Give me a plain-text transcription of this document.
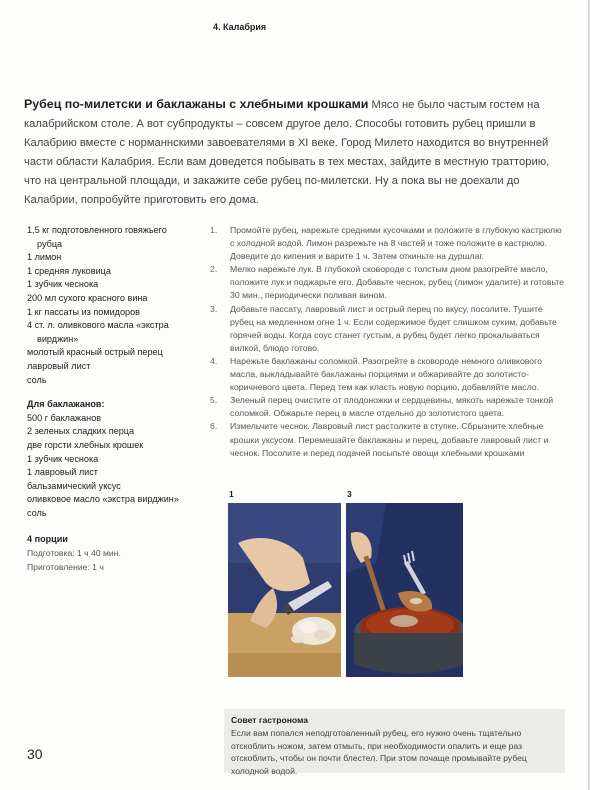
4. Калабрия
Рубец по-милетски и баклажаны с хлебными крошками Мясо не было частым гостем на калабрийском столе. А вот субпродукты – совсем другое дело. Способы готовить рубец пришли в Калабрию вместе с норманнскими завоевателями в XI веке. Город Милето находится во внутренней части области Калабрия. Если вам доведется побывать в тех местах, зайдите в местную тратторию, что на центральной площади, и закажите себе рубец по-милетски. Ну а пока вы не доехали до Калабрии, попробуйте приготовить его дома.
1,5 кг подготовленного говяжьего
рубца
1 лимон
1 средняя луковица
1 зубчик чеснока
200 мл сухого красного вина
1 кг пассаты из помидоров
4 ст. л. оливкового масла «экстра
вирджин»
молотый красный острый перец
лавровый лист
соль
Для баклажанов:
500 г баклажанов
2 зеленых сладких перца
две горсти хлебных крошек
1 зубчик чеснока
1 лавровый лист
бальзамический уксус
оливковое масло «экстра вирджин»
соль
4 порции
Подготовка: 1 ч 40 мин.
Приготовление: 1 ч
1. Промойте рубец, нарежьте средними кусочками и положите в глубокую кастрюлю с холодной водой. Лимон разрежьте на 8 частей и тоже положите в кастрюлю. Доведите до кипения и варите 1 ч. Затем откиньте на дуршлаг.
2. Мелко нарежьте лук. В глубокой сковороде с толстым дном разогрейте масло, положите лук и поджарьте его. Добавьте чеснок, рубец (лимон удалите) и готовьте 30 мин., периодически поливая вином.
3. Добавьте пассату, лавровый лист и острый перец по вкусу, посолите. Тушите рубец на медленном огне 1 ч. Если содержимое будет слишком сухим, добавьте горячей воды. Когда соус станет густым, а рубец будет легко прокалываться вилкой, блюдо готово.
4. Нарежьте баклажаны соломкой. Разогрейте в сковороде немного оливкового масла, выкладывайте баклажаны порциями и обжаривайте до золотисто-коричневого цвета. Перед тем как класть новую порцию, добавляйте масло.
5. Зеленый перец очистите от плодоножки и сердцевины, мякоть нарежьте тонкой соломкой. Обжарьте перец в масле отдельно до золотистого цвета.
6. Измельчите чеснок. Лавровый лист растолките в ступке. Сбрызните хлебные крошки уксусом. Перемешайте баклажаны и перец, добавьте лавровый лист и чеснок. Посолите и перед подачей посыпьте овощи хлебными крошками
1	3
Совет гастронома
Если вам попался неподготовленный рубец, его нужно очень тщательно отскоблить ножом, затем отмыть, при необходимости опалить и еще раз отскоблить, чтобы он почти блестел. При этом почаще промывайте рубец холодной водой.
30
